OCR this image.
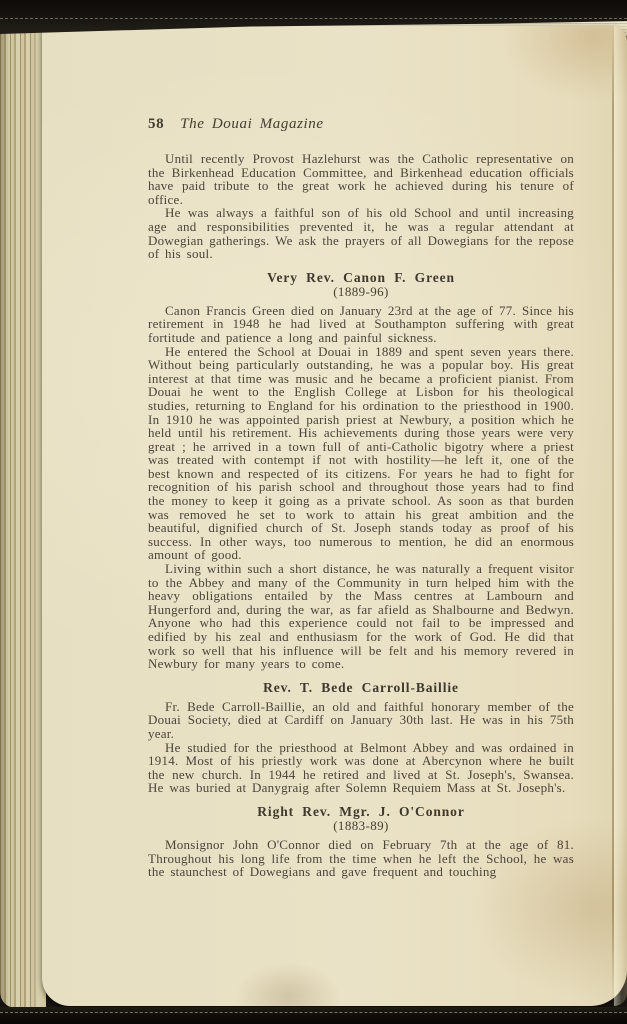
58 The Douai Magazine

Until recently Provost Hazlehurst was the Catholic representative on the Birkenhead Education Committee, and Birkenhead education officials have paid tribute to the great work he achieved during his tenure of office.

He was always a faithful son of his old School and until increasing age and responsibilities prevented it, he was a regular attendant at Dowegian gatherings. We ask the prayers of all Dowegians for the repose of his soul.

Very Rev. Canon F. Green
(1889-96)

Canon Francis Green died on January 23rd at the age of 77. Since his retirement in 1948 he had lived at Southampton suffering with great fortitude and patience a long and painful sickness.

He entered the School at Douai in 1889 and spent seven years there. Without being particularly outstanding, he was a popular boy. His great interest at that time was music and he became a proficient pianist. From Douai he went to the English College at Lisbon for his theological studies, returning to England for his ordination to the priesthood in 1900. In 1910 he was appointed parish priest at Newbury, a position which he held until his retirement. His achievements during those years were very great ; he arrived in a town full of anti-Catholic bigotry where a priest was treated with contempt if not with hostility—he left it, one of the best known and respected of its citizens. For years he had to fight for recognition of his parish school and throughout those years had to find the money to keep it going as a private school. As soon as that burden was removed he set to work to attain his great ambition and the beautiful, dignified church of St. Joseph stands today as proof of his success. In other ways, too numerous to mention, he did an enormous amount of good.

Living within such a short distance, he was naturally a frequent visitor to the Abbey and many of the Community in turn helped him with the heavy obligations entailed by the Mass centres at Lambourn and Hungerford and, during the war, as far afield as Shalbourne and Bedwyn. Anyone who had this experience could not fail to be impressed and edified by his zeal and enthusiasm for the work of God. He did that work so well that his influence will be felt and his memory revered in Newbury for many years to come.

Rev. T. Bede Carroll-Baillie

Fr. Bede Carroll-Baillie, an old and faithful honorary member of the Douai Society, died at Cardiff on January 30th last. He was in his 75th year.

He studied for the priesthood at Belmont Abbey and was ordained in 1914. Most of his priestly work was done at Abercynon where he built the new church. In 1944 he retired and lived at St. Joseph's, Swansea. He was buried at Danygraig after Solemn Requiem Mass at St. Joseph's.

Right Rev. Mgr. J. O'Connor
(1883-89)

Monsignor John O'Connor died on February 7th at the age of 81. Throughout his long life from the time when he left the School, he was the staunchest of Dowegians and gave frequent and touching
